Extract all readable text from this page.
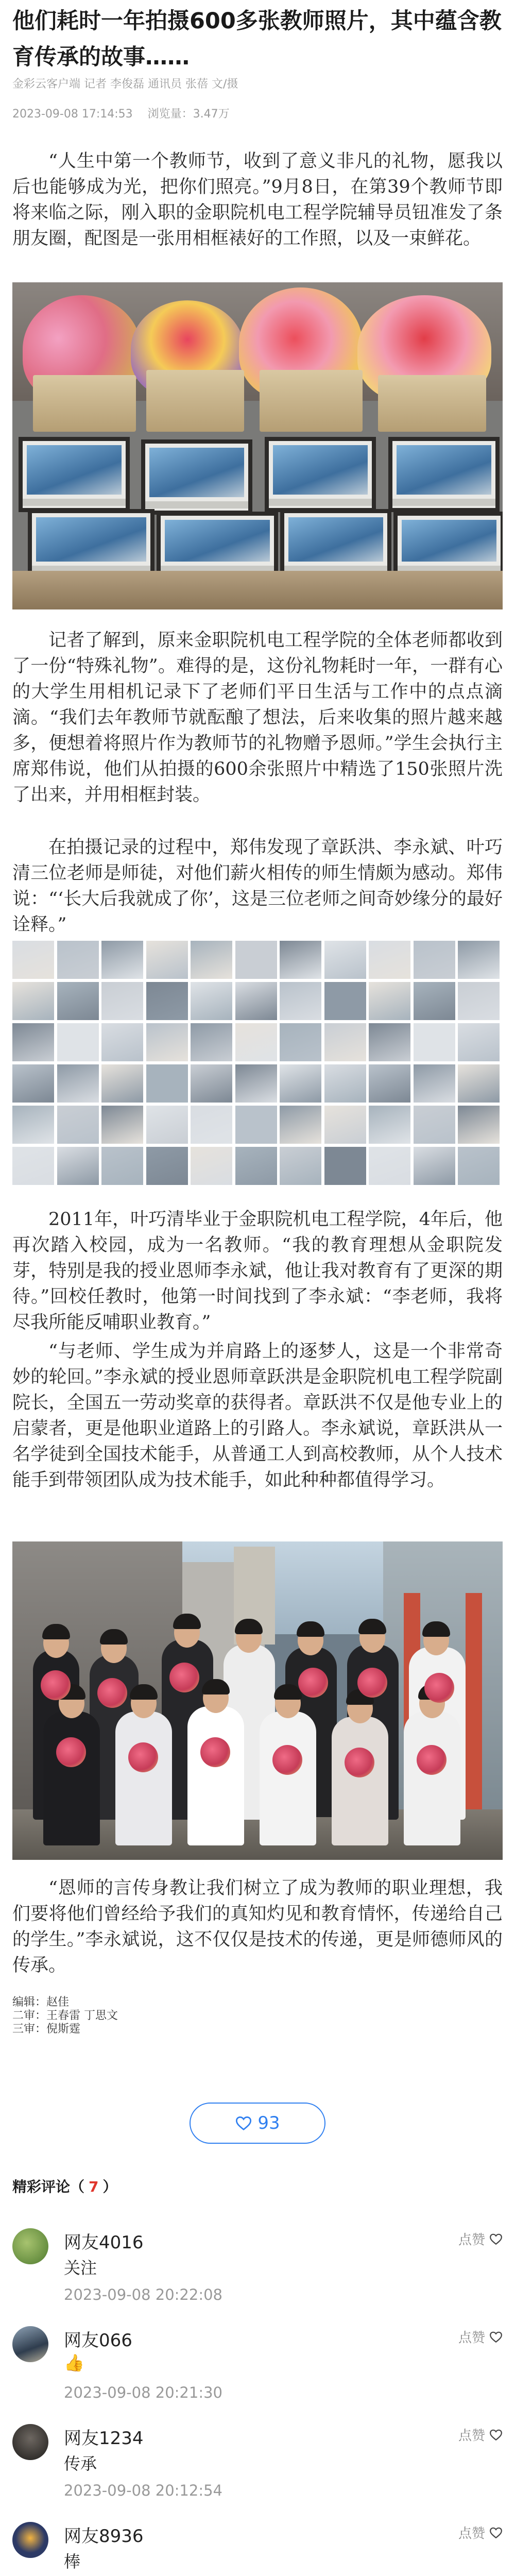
他们耗时一年拍摄600多张教师照片，其中蕴含教育传承的故事……
金彩云客户端 记者 李俊磊 通讯员 张蓓 文/摄
2023-09-08 17:14:53 浏览量：3.47万

“人生中第一个教师节，收到了意义非凡的礼物，愿我以后也能够成为光，把你们照亮。”9月8日，在第39个教师节即将来临之际，刚入职的金职院机电工程学院辅导员钮准发了条朋友圈，配图是一张用相框裱好的工作照，以及一束鲜花。

记者了解到，原来金职院机电工程学院的全体老师都收到了一份“特殊礼物”。难得的是，这份礼物耗时一年，一群有心的大学生用相机记录下了老师们平日生活与工作中的点点滴滴。“我们去年教师节就酝酿了想法，后来收集的照片越来越多，便想着将照片作为教师节的礼物赠予恩师。”学生会执行主席郑伟说，他们从拍摄的600余张照片中精选了150张照片洗了出来，并用相框封装。

在拍摄记录的过程中，郑伟发现了章跃洪、李永斌、叶巧清三位老师是师徒，对他们薪火相传的师生情颇为感动。郑伟说：“‘长大后我就成了你’，这是三位老师之间奇妙缘分的最好诠释。”

2011年，叶巧清毕业于金职院机电工程学院，4年后，他再次踏入校园，成为一名教师。“我的教育理想从金职院发芽，特别是我的授业恩师李永斌，他让我对教育有了更深的期待。”回校任教时，他第一时间找到了李永斌：“李老师，我将尽我所能反哺职业教育。”

“与老师、学生成为并肩路上的逐梦人，这是一个非常奇妙的轮回。”李永斌的授业恩师章跃洪是金职院机电工程学院副院长，全国五一劳动奖章的获得者。章跃洪不仅是他专业上的启蒙者，更是他职业道路上的引路人。李永斌说，章跃洪从一名学徒到全国技术能手，从普通工人到高校教师，从个人技术能手到带领团队成为技术能手，如此种种都值得学习。

“恩师的言传身教让我们树立了成为教师的职业理想，我们要将他们曾经给予我们的真知灼见和教育情怀，传递给自己的学生。”李永斌说，这不仅仅是技术的传递，更是师德师风的传承。

编辑：赵佳
二审：王春雷 丁思文
三审：倪斯霆
93
精彩评论（ 7 ）
网友4016
关注
2023-09-08 20:22:08
点赞
网友066
👍
2023-09-08 20:21:30
点赞
网友1234
传承
2023-09-08 20:12:54
点赞
网友8936
棒
点赞
